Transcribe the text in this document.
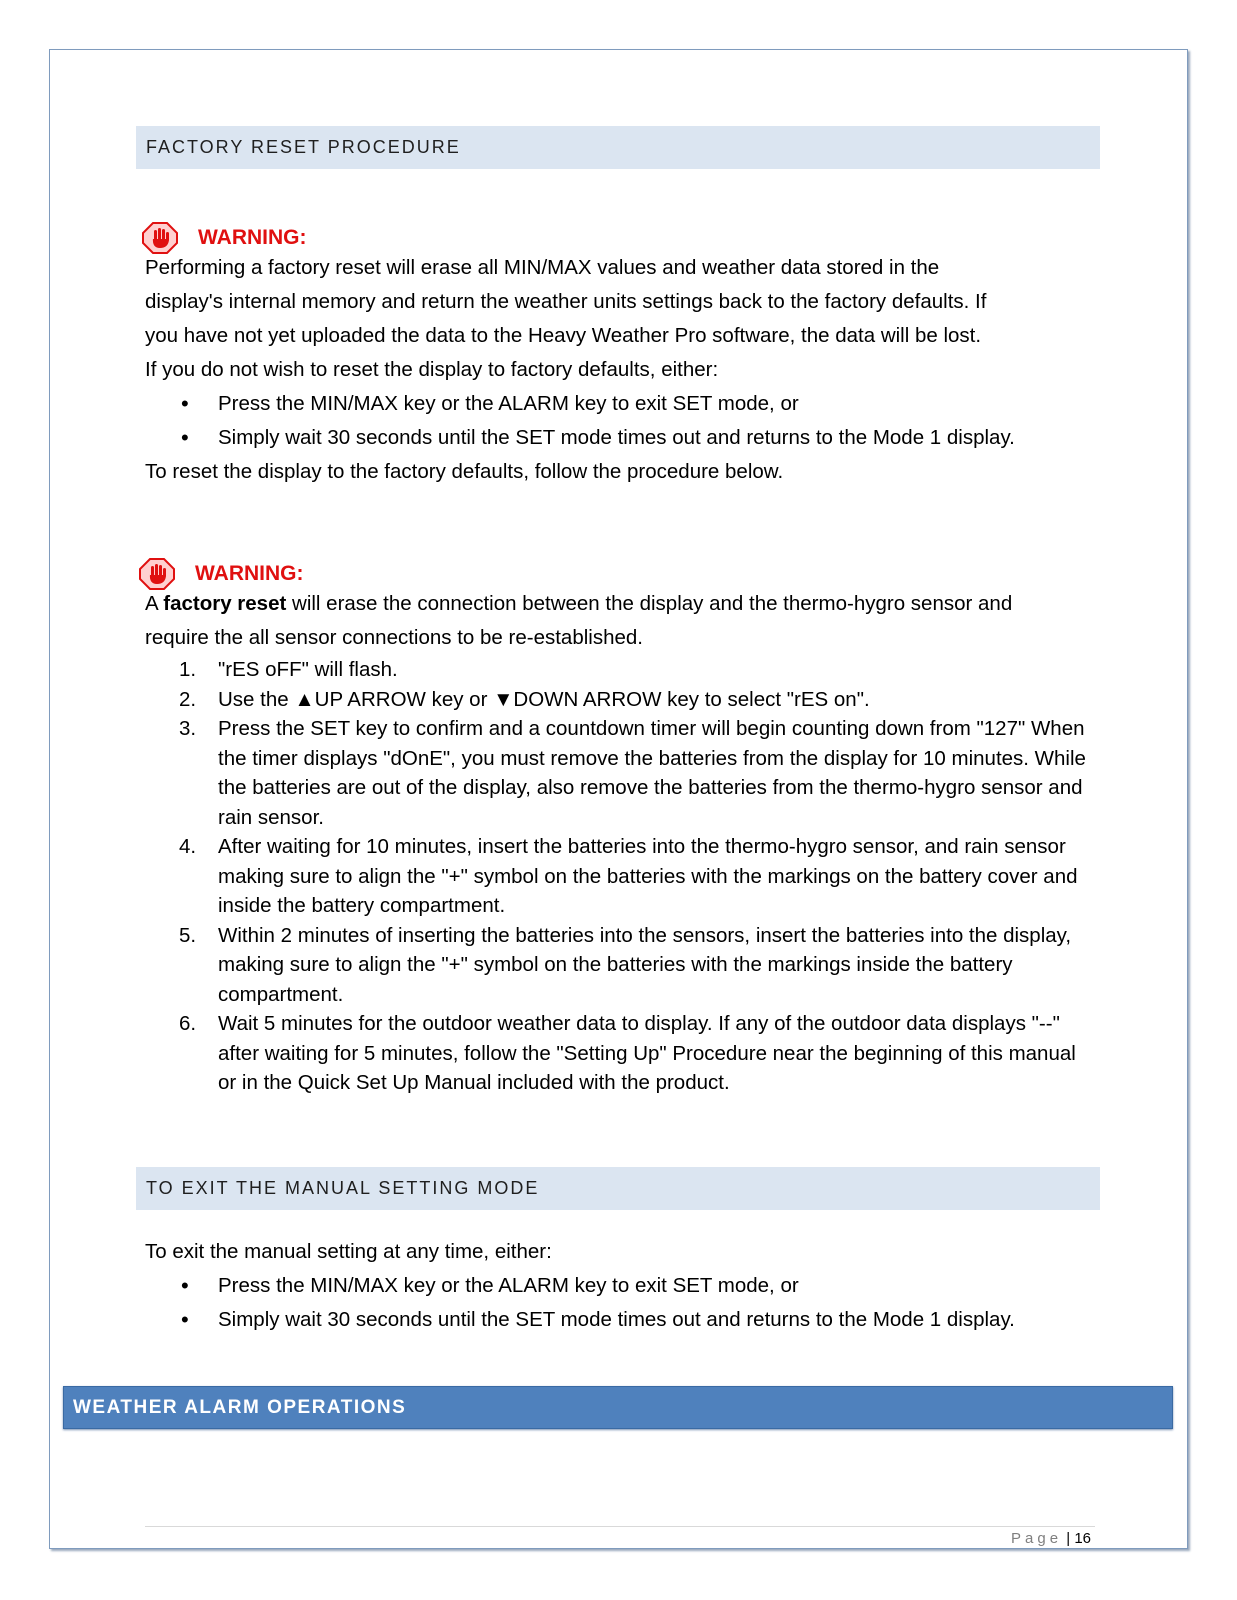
FACTORY RESET PROCEDURE
WARNING:

Performing a factory reset will erase all MIN/MAX values and weather data stored in the

display's internal memory and return the weather units settings back to the factory defaults. If

you have not yet uploaded the data to the Heavy Weather Pro software, the data will be lost.

If you do not wish to reset the display to factory defaults, either:

• Press the MIN/MAX key or the ALARM key to exit SET mode, or
• Simply wait 30 seconds until the SET mode times out and returns to the Mode 1 display.

To reset the display to the factory defaults, follow the procedure below.

WARNING:

A factory reset will erase the connection between the display and the thermo-hygro sensor and

require the all sensor connections to be re-established.

1. "rES oFF" will flash.
2. Use the ▲UP ARROW key or ▼DOWN ARROW key to select "rES on".
3. Press the SET key to confirm and a countdown timer will begin counting down from "127" When the timer displays "dOnE", you must remove the batteries from the display for 10 minutes. While the batteries are out of the display, also remove the batteries from the thermo-hygro sensor and rain sensor.
4. After waiting for 10 minutes, insert the batteries into the thermo-hygro sensor, and rain sensor making sure to align the "+" symbol on the batteries with the markings on the battery cover and inside the battery compartment.
5. Within 2 minutes of inserting the batteries into the sensors, insert the batteries into the display, making sure to align the "+" symbol on the batteries with the markings inside the battery compartment.
6. Wait 5 minutes for the outdoor weather data to display. If any of the outdoor data displays "--" after waiting for 5 minutes, follow the "Setting Up" Procedure near the beginning of this manual or in the Quick Set Up Manual included with the product.
TO EXIT THE MANUAL SETTING MODE

To exit the manual setting at any time, either:

• Press the MIN/MAX key or the ALARM key to exit SET mode, or
• Simply wait 30 seconds until the SET mode times out and returns to the Mode 1 display.
WEATHER ALARM OPERATIONS
Page | 16
